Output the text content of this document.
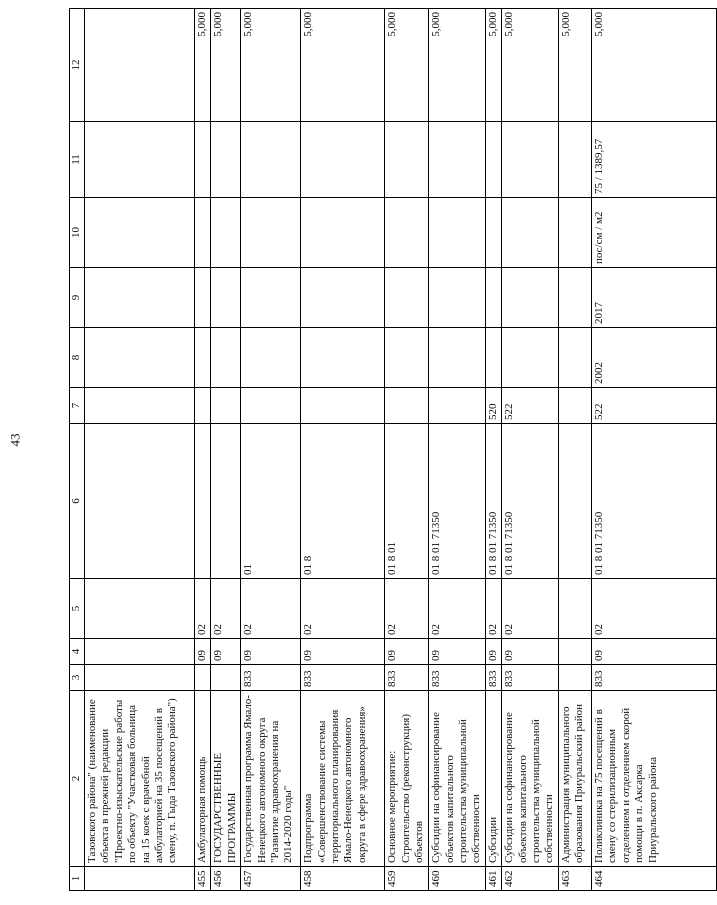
43
1	2	3	4	5	6	7	8	9	10	11	12
	Тазовского района" (наименование объекта в прежней редакции "Проектно-изыскательские работы по объекту "Участковая больница на 15 коек с врачебной амбулаторией на 35 посещений в смену, п. Гыда Тазовского района")										
455	Амбулаторная помощь		09	02							5,000
456	ГОСУДАРСТВЕННЫЕ ПРОГРАММЫ		09	02							5,000
457	Государственная программа Ямало-Ненецкого автономного округа "Развитие здравоохранения на 2014-2020 годы"	833	09	02	01						5,000
458	Подпрограмма «Совершенствование системы территориального планирования Ямало-Ненецкого автономного округа в сфере здравоохранения»	833	09	02	01 8						5,000
459	Основное мероприятие: Строительство (реконструкция) объектов	833	09	02	01 8 01						5,000
460	Субсидии на софинансирование объектов капитального строительства муниципальной собственности	833	09	02	01 8 01 71350						5,000
461	Субсидии	833	09	02	01 8 01 71350	520					5,000
462	Субсидии на софинансирование объектов капитального строительства муниципальной собственности	833	09	02	01 8 01 71350	522					5,000
463	Администрация муниципального образования Приуральский район										5,000
464	Поликлиника на 75 посещений в смену со стерилизационным отделением и отделением скорой помощи в п. Аксарка Приуральского района	833	09	02	01 8 01 71350	522	2002	2017	пос/см / м2	75 / 1389,57	5,000
